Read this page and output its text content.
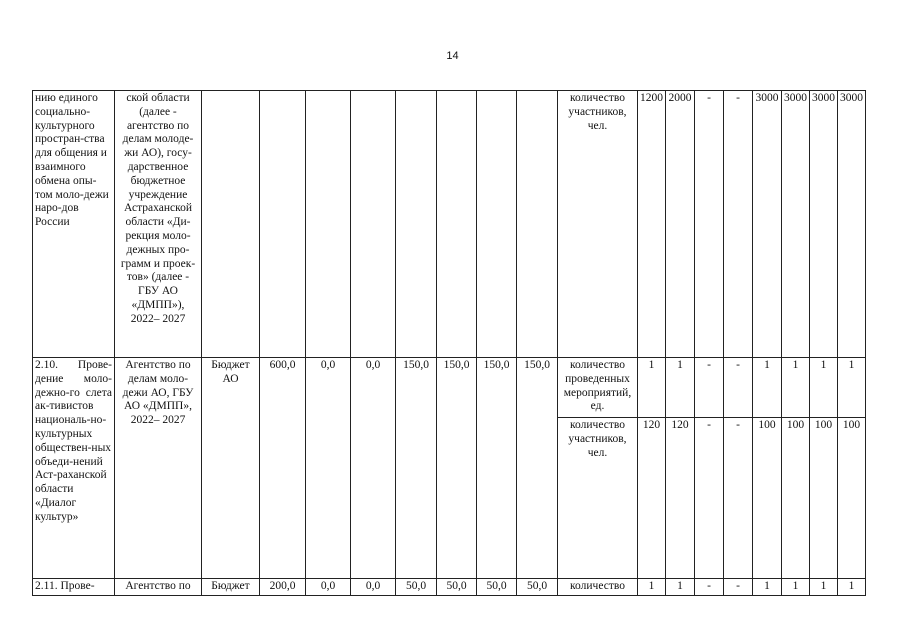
14
нию единого социально-культурного простран-ства для общения и взаимного обмена опы-том моло-дежи наро-дов России	ской области (далее - агентство по делам молоде-жи АО), госу-дарственное бюджетное учреждение Астраханской области «Ди-рекция моло-дежных про-грамм и проек-тов» (далее - ГБУ АО «ДМПП»), 2022– 2027									количество участников, чел.	1200	2000	-	-	3000	3000	3000	3000
2.10. Прове-дение моло-дежно-го слета ак-тивистов националь-но-культурных обществен-ных объеди-нений Аст-раханской области «Диалог культур»	Агентство по делам моло-дежи АО, ГБУ АО «ДМПП», 2022– 2027	Бюджет АО	600,0	0,0	0,0	150,0	150,0	150,0	150,0	количество проведенных мероприятий, ед.	1	1	-	-	1	1	1	1
										количество участников, чел.	120	120	-	-	100	100	100	100
2.11. Прове-	Агентство по	Бюджет	200,0	0,0	0,0	50,0	50,0	50,0	50,0	количество	1	1	-	-	1	1	1	1
